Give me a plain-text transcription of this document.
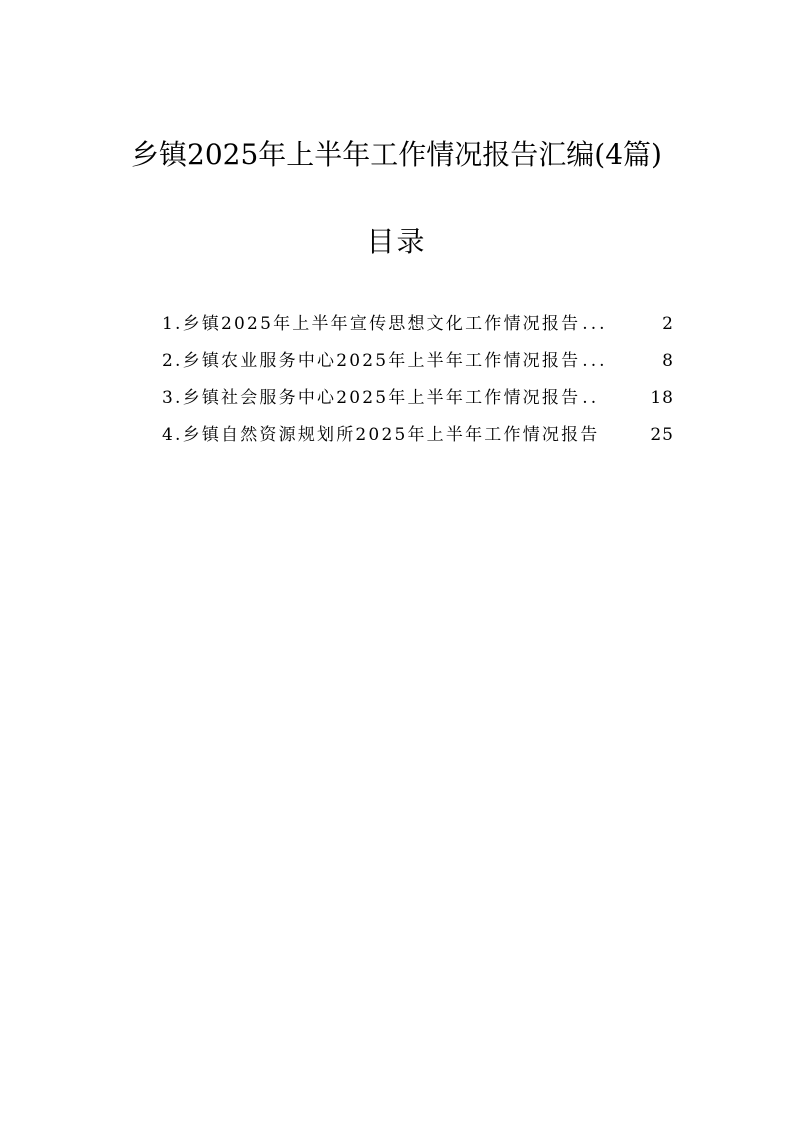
乡镇2025年上半年工作情况报告汇编(4篇)
目录
1.乡镇2025年上半年宣传思想文化工作情况报告 ...	2
2.乡镇农业服务中心2025年上半年工作情况报告 ...	8
3.乡镇社会服务中心2025年上半年工作情况报告 ..	18
4.乡镇自然资源规划所2025年上半年工作情况报告	25
